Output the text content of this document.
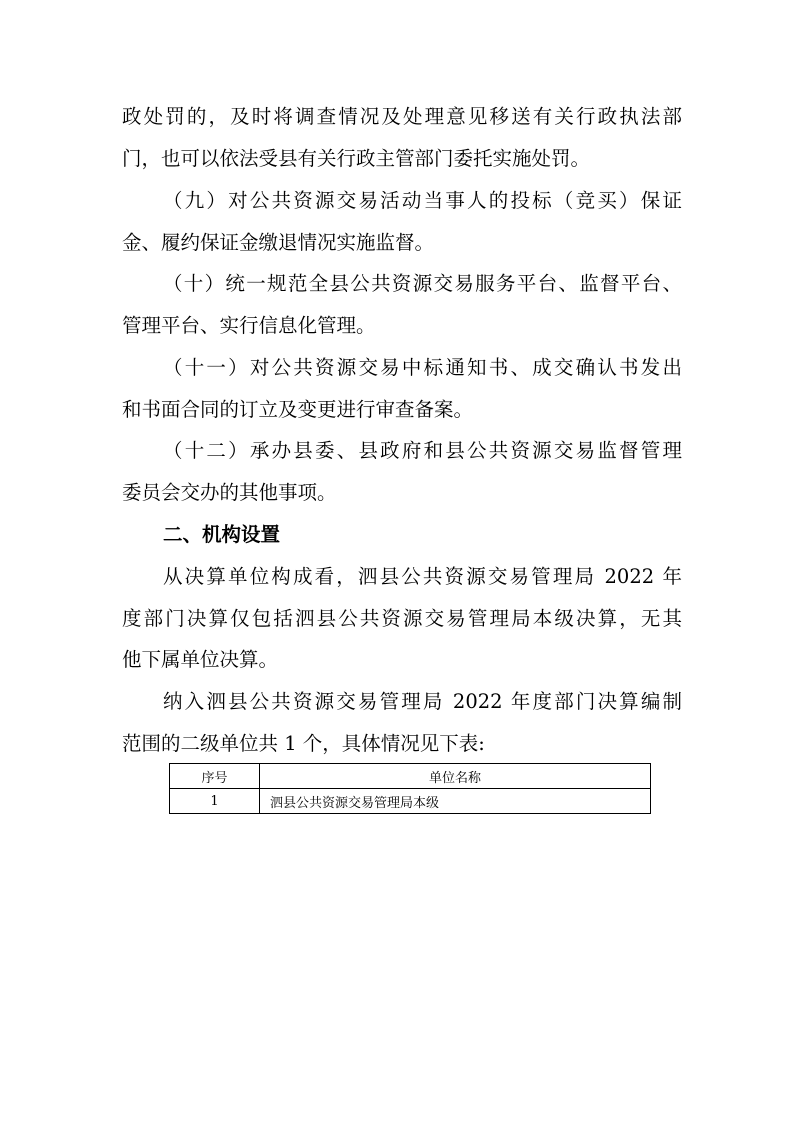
政处罚的，及时将调查情况及处理意见移送有关行政执法部
门，也可以依法受县有关行政主管部门委托实施处罚。
（九）对公共资源交易活动当事人的投标（竞买）保证
金、履约保证金缴退情况实施监督。
（十）统一规范全县公共资源交易服务平台、监督平台、
管理平台、实行信息化管理。
（十一）对公共资源交易中标通知书、成交确认书发出
和书面合同的订立及变更进行审查备案。
（十二）承办县委、县政府和县公共资源交易监督管理
委员会交办的其他事项。
二、机构设置
从决算单位构成看，泗县公共资源交易管理局 2022 年
度部门决算仅包括泗县公共资源交易管理局本级决算，无其
他下属单位决算。
纳入泗县公共资源交易管理局 2022 年度部门决算编制
范围的二级单位共 1 个，具体情况见下表:
序号	单位名称
1	泗县公共资源交易管理局本级
